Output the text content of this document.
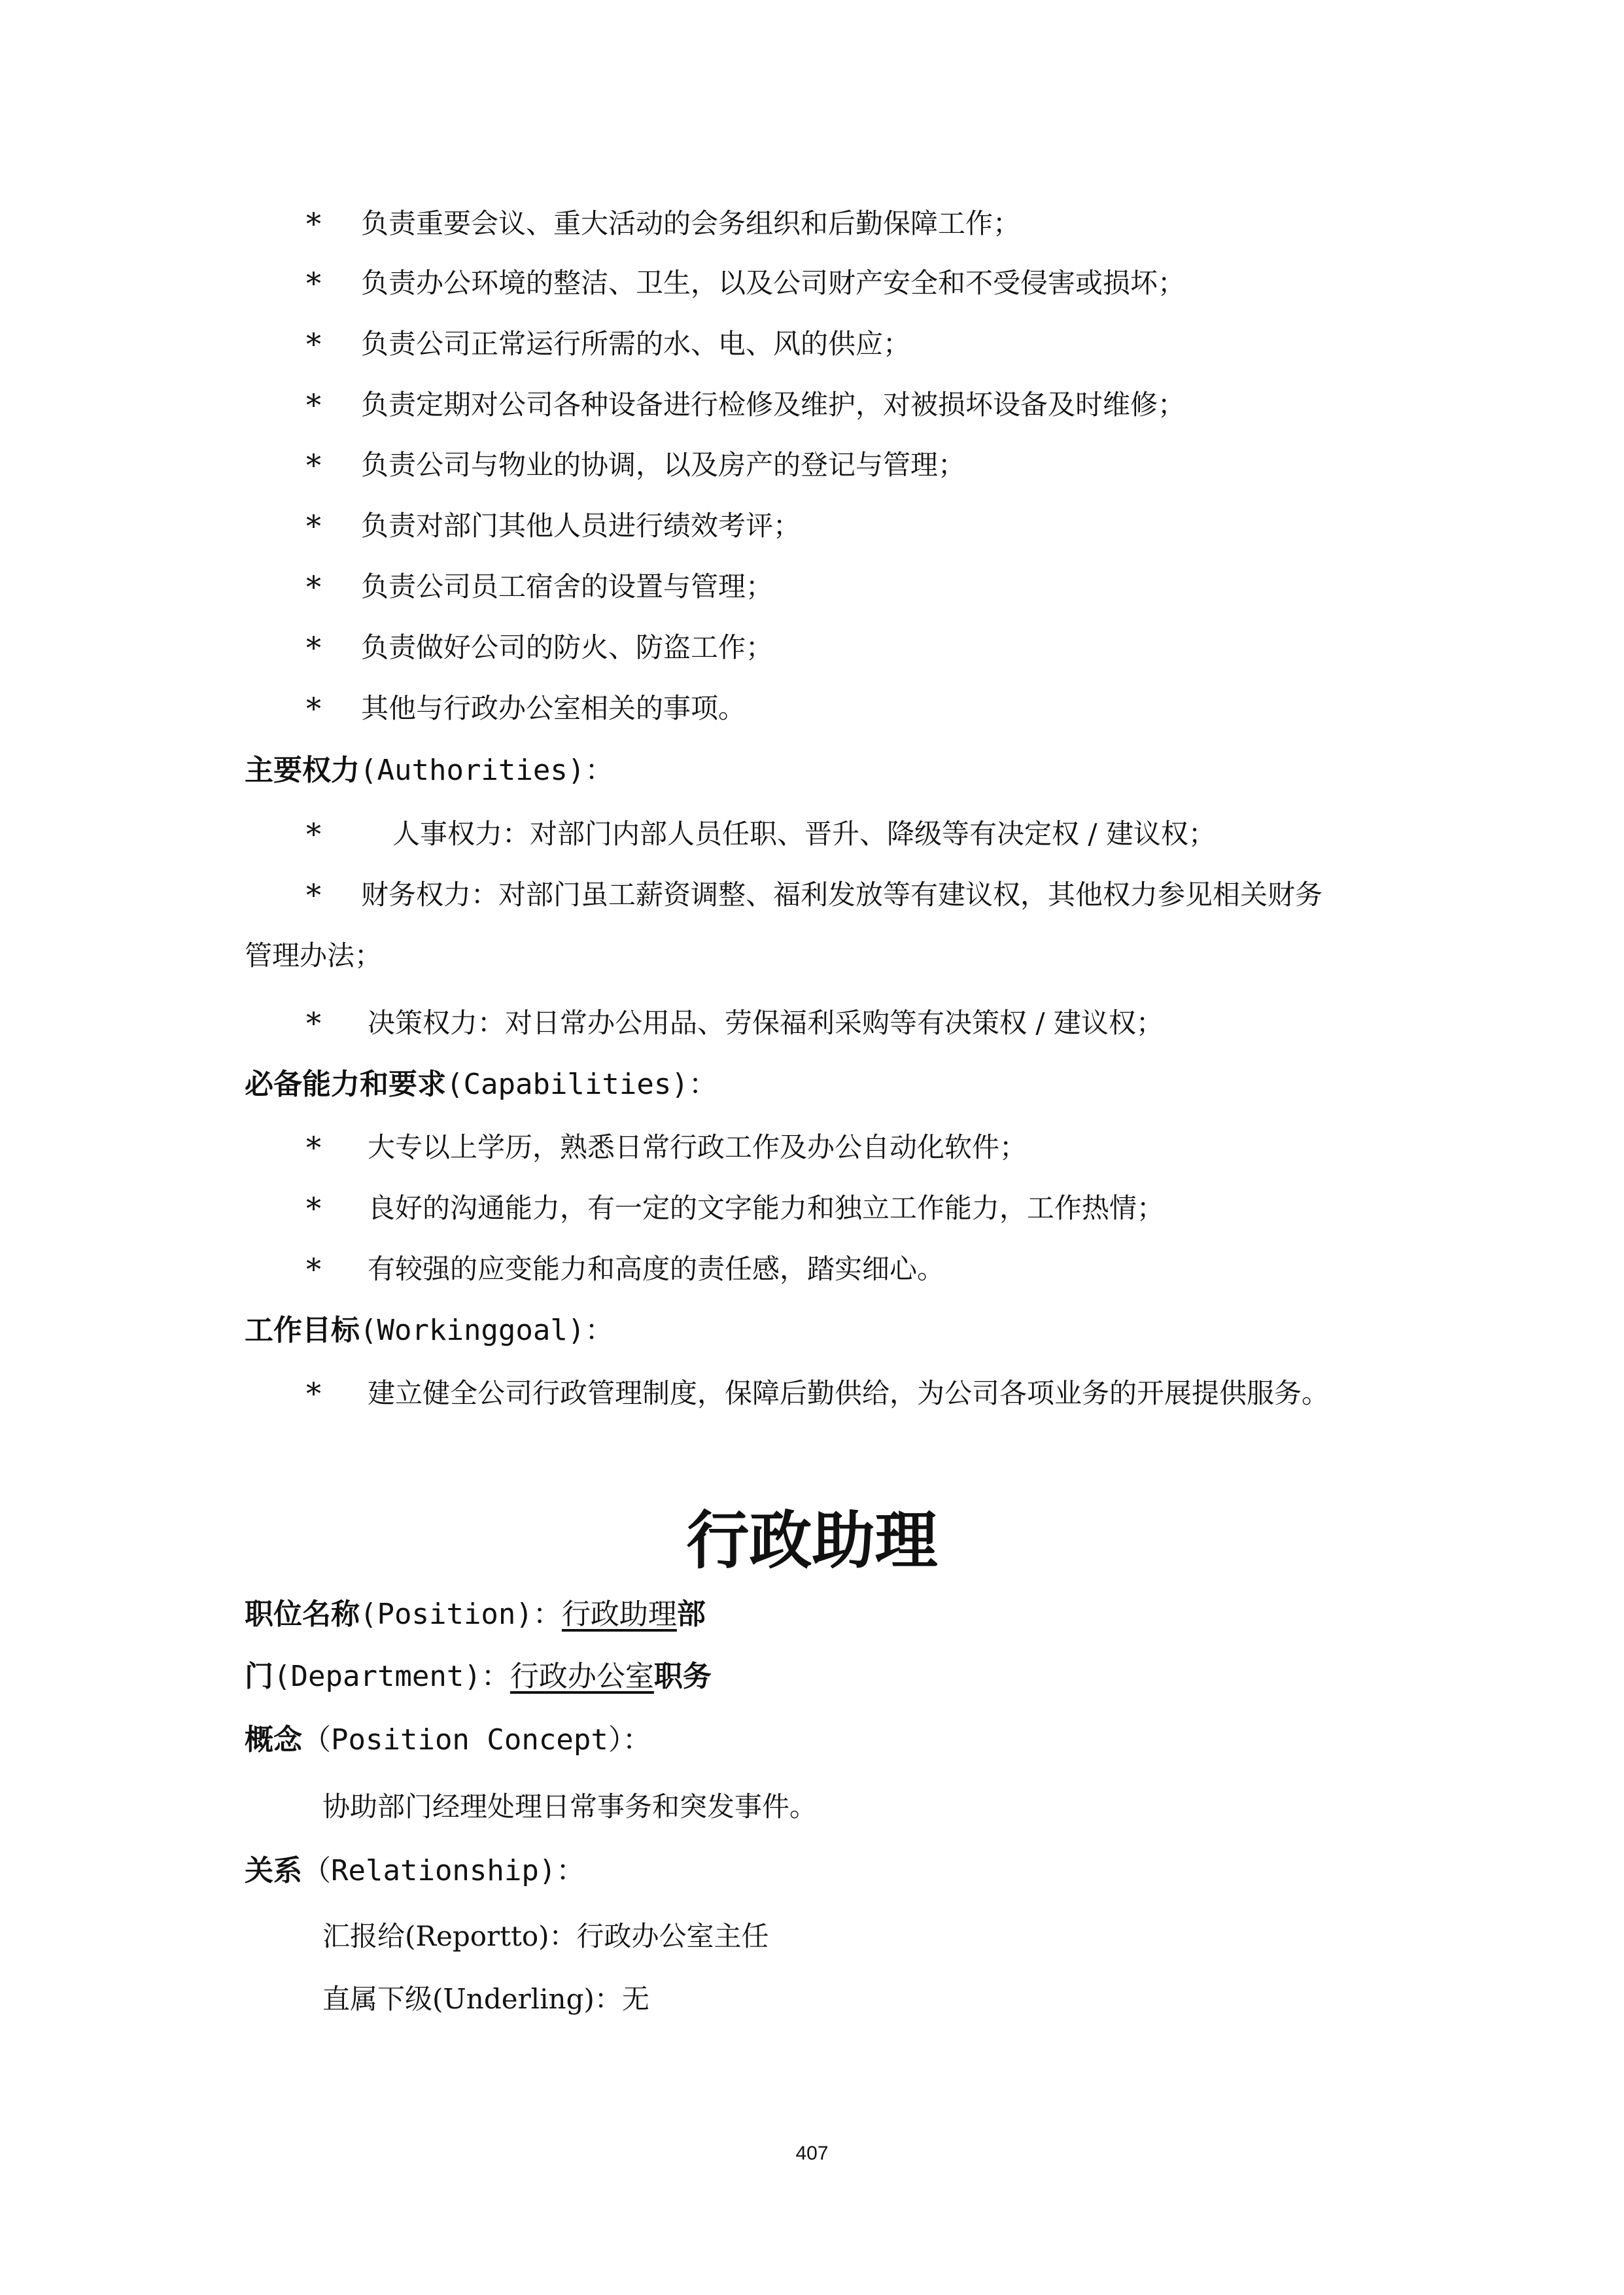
* 负责重要会议、重大活动的会务组织和后勤保障工作；
* 负责办公环境的整洁、卫生，以及公司财产安全和不受侵害或损坏；
* 负责公司正常运行所需的水、电、风的供应；
* 负责定期对公司各种设备进行检修及维护，对被损坏设备及时维修；
* 负责公司与物业的协调，以及房产的登记与管理；
* 负责对部门其他人员进行绩效考评；
* 负责公司员工宿舍的设置与管理；
* 负责做好公司的防火、防盗工作；
* 其他与行政办公室相关的事项。
主要权力(Authorities)：
*	人事权力：对部门内部人员任职、晋升、降级等有决定权 / 建议权；
* 财务权力：对部门虽工薪资调整、福利发放等有建议权，其他权力参见相关财务
管理办法；
* 决策权力：对日常办公用品、劳保福利采购等有决策权 / 建议权；
必备能力和要求(Capabilities)：
* 大专以上学历，熟悉日常行政工作及办公自动化软件；
* 良好的沟通能力，有一定的文字能力和独立工作能力，工作热情；
* 有较强的应变能力和高度的责任感，踏实细心。
工作目标(Workinggoal)：
* 建立健全公司行政管理制度，保障后勤供给，为公司各项业务的开展提供服务。
行政助理
职位名称(Position)：行政助理部
门(Department)：行政办公室职务
概念（Position Concept）：
协助部门经理处理日常事务和突发事件。
关系（Relationship)：
汇报给(Reportto)：行政办公室主任
直属下级(Underling)：无
407
